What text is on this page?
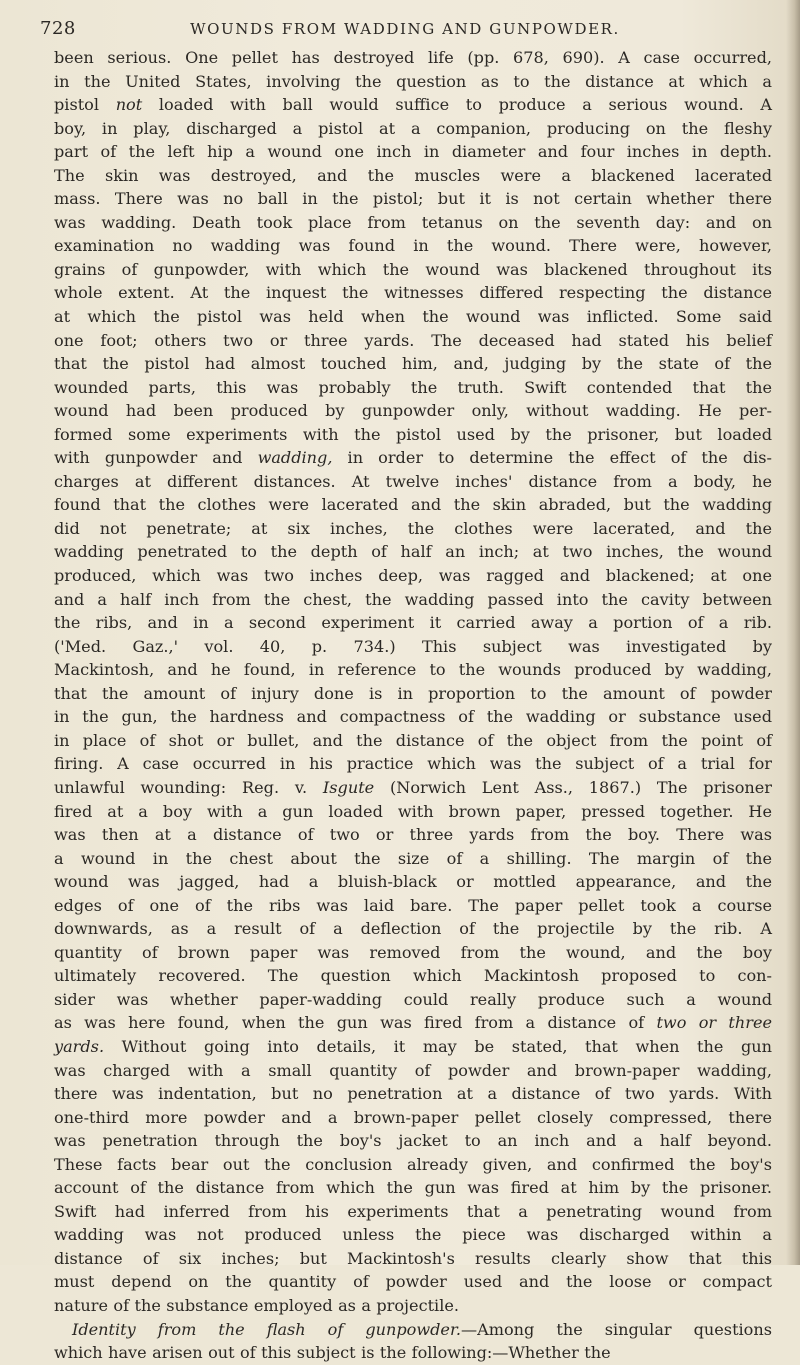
728	WOUNDS FROM WADDING AND GUNPOWDER.
been serious. One pellet has destroyed life (pp. 678, 690). A case occurred,
in the United States, involving the question as to the distance at which a
pistol not loaded with ball would suffice to produce a serious wound. A
boy, in play, discharged a pistol at a companion, producing on the fleshy
part of the left hip a wound one inch in diameter and four inches in depth.
The skin was destroyed, and the muscles were a blackened lacerated
mass. There was no ball in the pistol; but it is not certain whether there
was wadding. Death took place from tetanus on the seventh day: and on
examination no wadding was found in the wound. There were, however,
grains of gunpowder, with which the wound was blackened throughout its
whole extent. At the inquest the witnesses differed respecting the distance
at which the pistol was held when the wound was inflicted. Some said
one foot; others two or three yards. The deceased had stated his belief
that the pistol had almost touched him, and, judging by the state of the
wounded parts, this was probably the truth. Swift contended that the
wound had been produced by gunpowder only, without wadding. He per-
formed some experiments with the pistol used by the prisoner, but loaded
with gunpowder and wadding, in order to determine the effect of the dis-
charges at different distances. At twelve inches' distance from a body, he
found that the clothes were lacerated and the skin abraded, but the wadding
did not penetrate; at six inches, the clothes were lacerated, and the
wadding penetrated to the depth of half an inch; at two inches, the wound
produced, which was two inches deep, was ragged and blackened; at one
and a half inch from the chest, the wadding passed into the cavity between
the ribs, and in a second experiment it carried away a portion of a rib.
('Med. Gaz.,' vol. 40, p. 734.) This subject was investigated by
Mackintosh, and he found, in reference to the wounds produced by wadding,
that the amount of injury done is in proportion to the amount of powder
in the gun, the hardness and compactness of the wadding or substance used
in place of shot or bullet, and the distance of the object from the point of
firing. A case occurred in his practice which was the subject of a trial for
unlawful wounding: Reg. v. Isgute (Norwich Lent Ass., 1867.) The prisoner
fired at a boy with a gun loaded with brown paper, pressed together. He
was then at a distance of two or three yards from the boy. There was
a wound in the chest about the size of a shilling. The margin of the
wound was jagged, had a bluish-black or mottled appearance, and the
edges of one of the ribs was laid bare. The paper pellet took a course
downwards, as a result of a deflection of the projectile by the rib. A
quantity of brown paper was removed from the wound, and the boy
ultimately recovered. The question which Mackintosh proposed to con-
sider was whether paper-wadding could really produce such a wound
as was here found, when the gun was fired from a distance of two or three
yards. Without going into details, it may be stated, that when the gun
was charged with a small quantity of powder and brown-paper wadding,
there was indentation, but no penetration at a distance of two yards. With
one-third more powder and a brown-paper pellet closely compressed, there
was penetration through the boy's jacket to an inch and a half beyond.
These facts bear out the conclusion already given, and confirmed the boy's
account of the distance from which the gun was fired at him by the prisoner.
Swift had inferred from his experiments that a penetrating wound from
wadding was not produced unless the piece was discharged within a
distance of six inches; but Mackintosh's results clearly show that this
must depend on the quantity of powder used and the loose or compact
nature of the substance employed as a projectile.
Identity from the flash of gunpowder.—Among the singular questions
which have arisen out of this subject is the following:—Whether the
